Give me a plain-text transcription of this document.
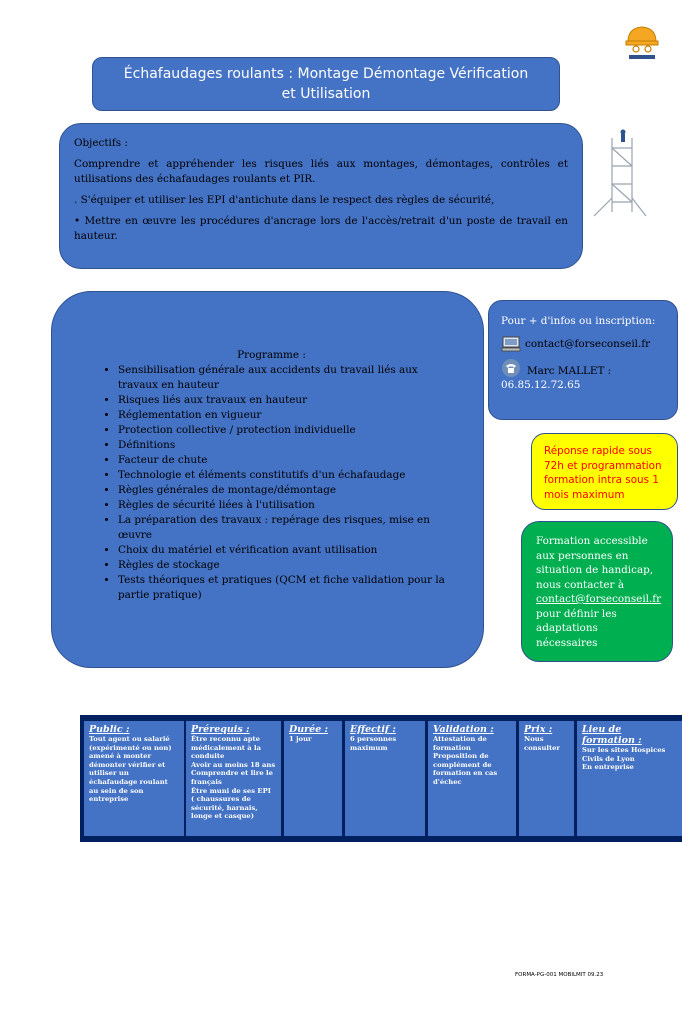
Échafaudages roulants : Montage Démontage Vérification et Utilisation

Objectifs :

Comprendre et appréhender les risques liés aux montages, démontages, contrôles et utilisations des échafaudages roulants et PIR.

. S'équiper et utiliser les EPI d'antichute dans le respect des règles de sécurité,

• Mettre en œuvre les procédures d'ancrage lors de l'accès/retrait d'un poste de travail en hauteur.

Programme :
• Sensibilisation générale aux accidents du travail liés aux travaux en hauteur
• Risques liés aux travaux en hauteur
• Réglementation en vigueur
• Protection collective / protection individuelle
• Définitions
• Facteur de chute
• Technologie et éléments constitutifs d'un échafaudage
• Règles générales de montage/démontage
• Règles de sécurité liées à l'utilisation
• La préparation des travaux : repérage des risques, mise en œuvre
• Choix du matériel et vérification avant utilisation
• Règles de stockage
• Tests théoriques et pratiques (QCM et fiche validation pour la partie pratique)
Pour + d'infos ou inscription:
contact@forseconseil.fr
Marc MALLET :
06.85.12.72.65
Réponse rapide sous 72h et programmation formation intra sous 1 mois maximum
Formation accessible aux personnes en situation de handicap, nous contacter à contact@forseconseil.fr pour définir les adaptations nécessaires
Public :
Tout agent ou salarié (expérimenté ou non) amené à monter démonter vérifier et utiliser un échafaudage roulant au sein de son entreprise
Prérequis :
Être reconnu apte médicalement à la conduite
Avoir au moins 18 ans
Comprendre et lire le français
Être muni de ses EPI ( chaussures de sécurité, harnais, longe et casque)
Durée :
1 jour
Effectif :
6 personnes maximum
Validation :
Attestation de formation
Proposition de complément de formation en cas d'échec
Prix :
Nous consulter
Lieu de formation :
Sur les sites Hospices Civils de Lyon
En entreprise
FORMA-PG-001 MOBILMIT 09.23
